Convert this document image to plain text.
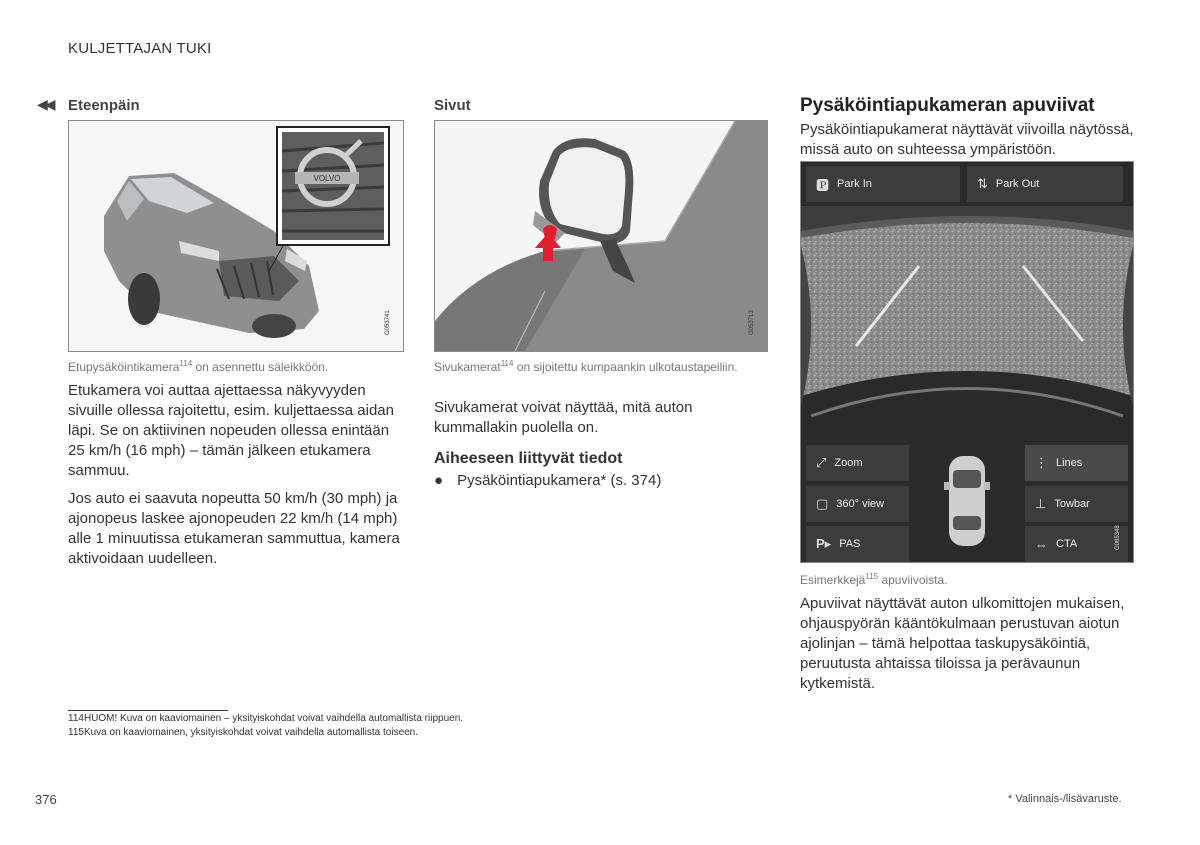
KULJETTAJAN TUKI
◀◀ Eteenpäin
VOLVO
G053741
Etupysäköintikamera$^{114}$ on asennettu säleikköön.

Etukamera voi auttaa ajettaessa näkyvyyden sivuille ollessa rajoitettu, esim. kuljettaessa aidan läpi. Se on aktiivinen nopeuden ollessa enintään 25 km/h (16 mph) – tämän jälkeen etukamera sammuu.

Jos auto ei saavuta nopeutta 50 km/h (30 mph) ja ajonopeus laskee ajonopeuden 22 km/h (14 mph) alle 1 minuutissa etukameran sammuttua, kamera aktivoidaan uudelleen.

Sivut
G053713
Sivukamerat$^{114}$ on sijoitettu kumpaankin ulkotaustapeiliin.

Sivukamerat voivat näyttää, mitä auton kummallakin puolella on.

Aiheeseen liittyvät tiedot
● Pysäköintiapukamera* (s. 374)
Pysäköintiapukameran apuviivat
Pysäköintiapukamerat näyttävät viivoilla näytössä, missä auto on suhteessa ympäristöön.
🅿 Park In	⇅ Park Out
⤢ Zoom
▢ 360° view
P▸ PAS
⋮ Lines
⊥ Towbar
⇔ CTA	G065348
Esimerkkejä$^{115}$ apuviivoista.

Apuviivat näyttävät auton ulkomittojen mukaisen, ohjauspyörän kääntökulmaan perustuvan aiotun ajolinjan – tämä helpottaa taskupysäköintiä, peruutusta ahtaissa tiloissa ja perävaunun kytkemistä.

114HUOM! Kuva on kaaviomainen – yksityiskohdat voivat vaihdella automallista riippuen.
115Kuva on kaaviomainen, yksityiskohdat voivat vaihdella automallista toiseen.
376	* Valinnais-/lisävaruste.
